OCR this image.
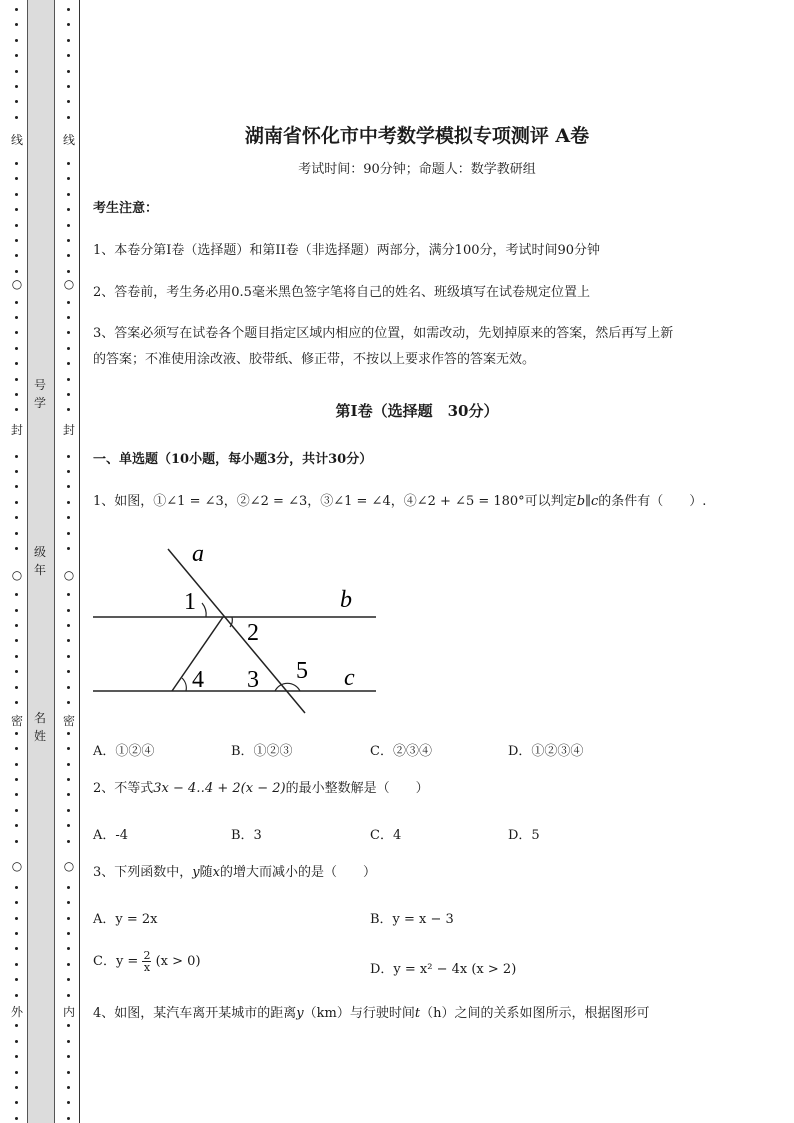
线
○
封
○
密
○
外
号
学
级
年
名
姓
线
○
封
○
密
○
内
湖南省怀化市中考数学模拟专项测评 A卷
考试时间：90分钟；命题人：数学教研组
考生注意：
1、本卷分第I卷（选择题）和第II卷（非选择题）两部分，满分100分，考试时间90分钟
2、答卷前，考生务必用0.5毫米黑色签字笔将自己的姓名、班级填写在试卷规定位置上
3、答案必须写在试卷各个题目指定区域内相应的位置，如需改动，先划掉原来的答案，然后再写上新
的答案；不准使用涂改液、胶带纸、修正带，不按以上要求作答的答案无效。
第I卷（选择题　30分）
一、单选题（10小题，每小题3分，共计30分）
1、如图，①∠1 = ∠3，②∠2 = ∠3，③∠1 = ∠4，④∠2 + ∠5 = 180°可以判定b∥c的条件有（　　）.
a
b
c
1
2
3
4	5
A．①②④	B．①②③	C．②③④	D．①②③④
2、不等式3x − 4‥4 + 2(x − 2)的最小整数解是（　　）
A．-4	B．3	C．4	D．5
3、下列函数中，y随x的增大而减小的是（　　）
A．y = 2x	B．y = x − 3
C．$y = \frac{2}{x} (x > 0)$
D．y = x² − 4x (x > 2)
4、如图，某汽车离开某城市的距离y（km）与行驶时间t（h）之间的关系如图所示，根据图形可
